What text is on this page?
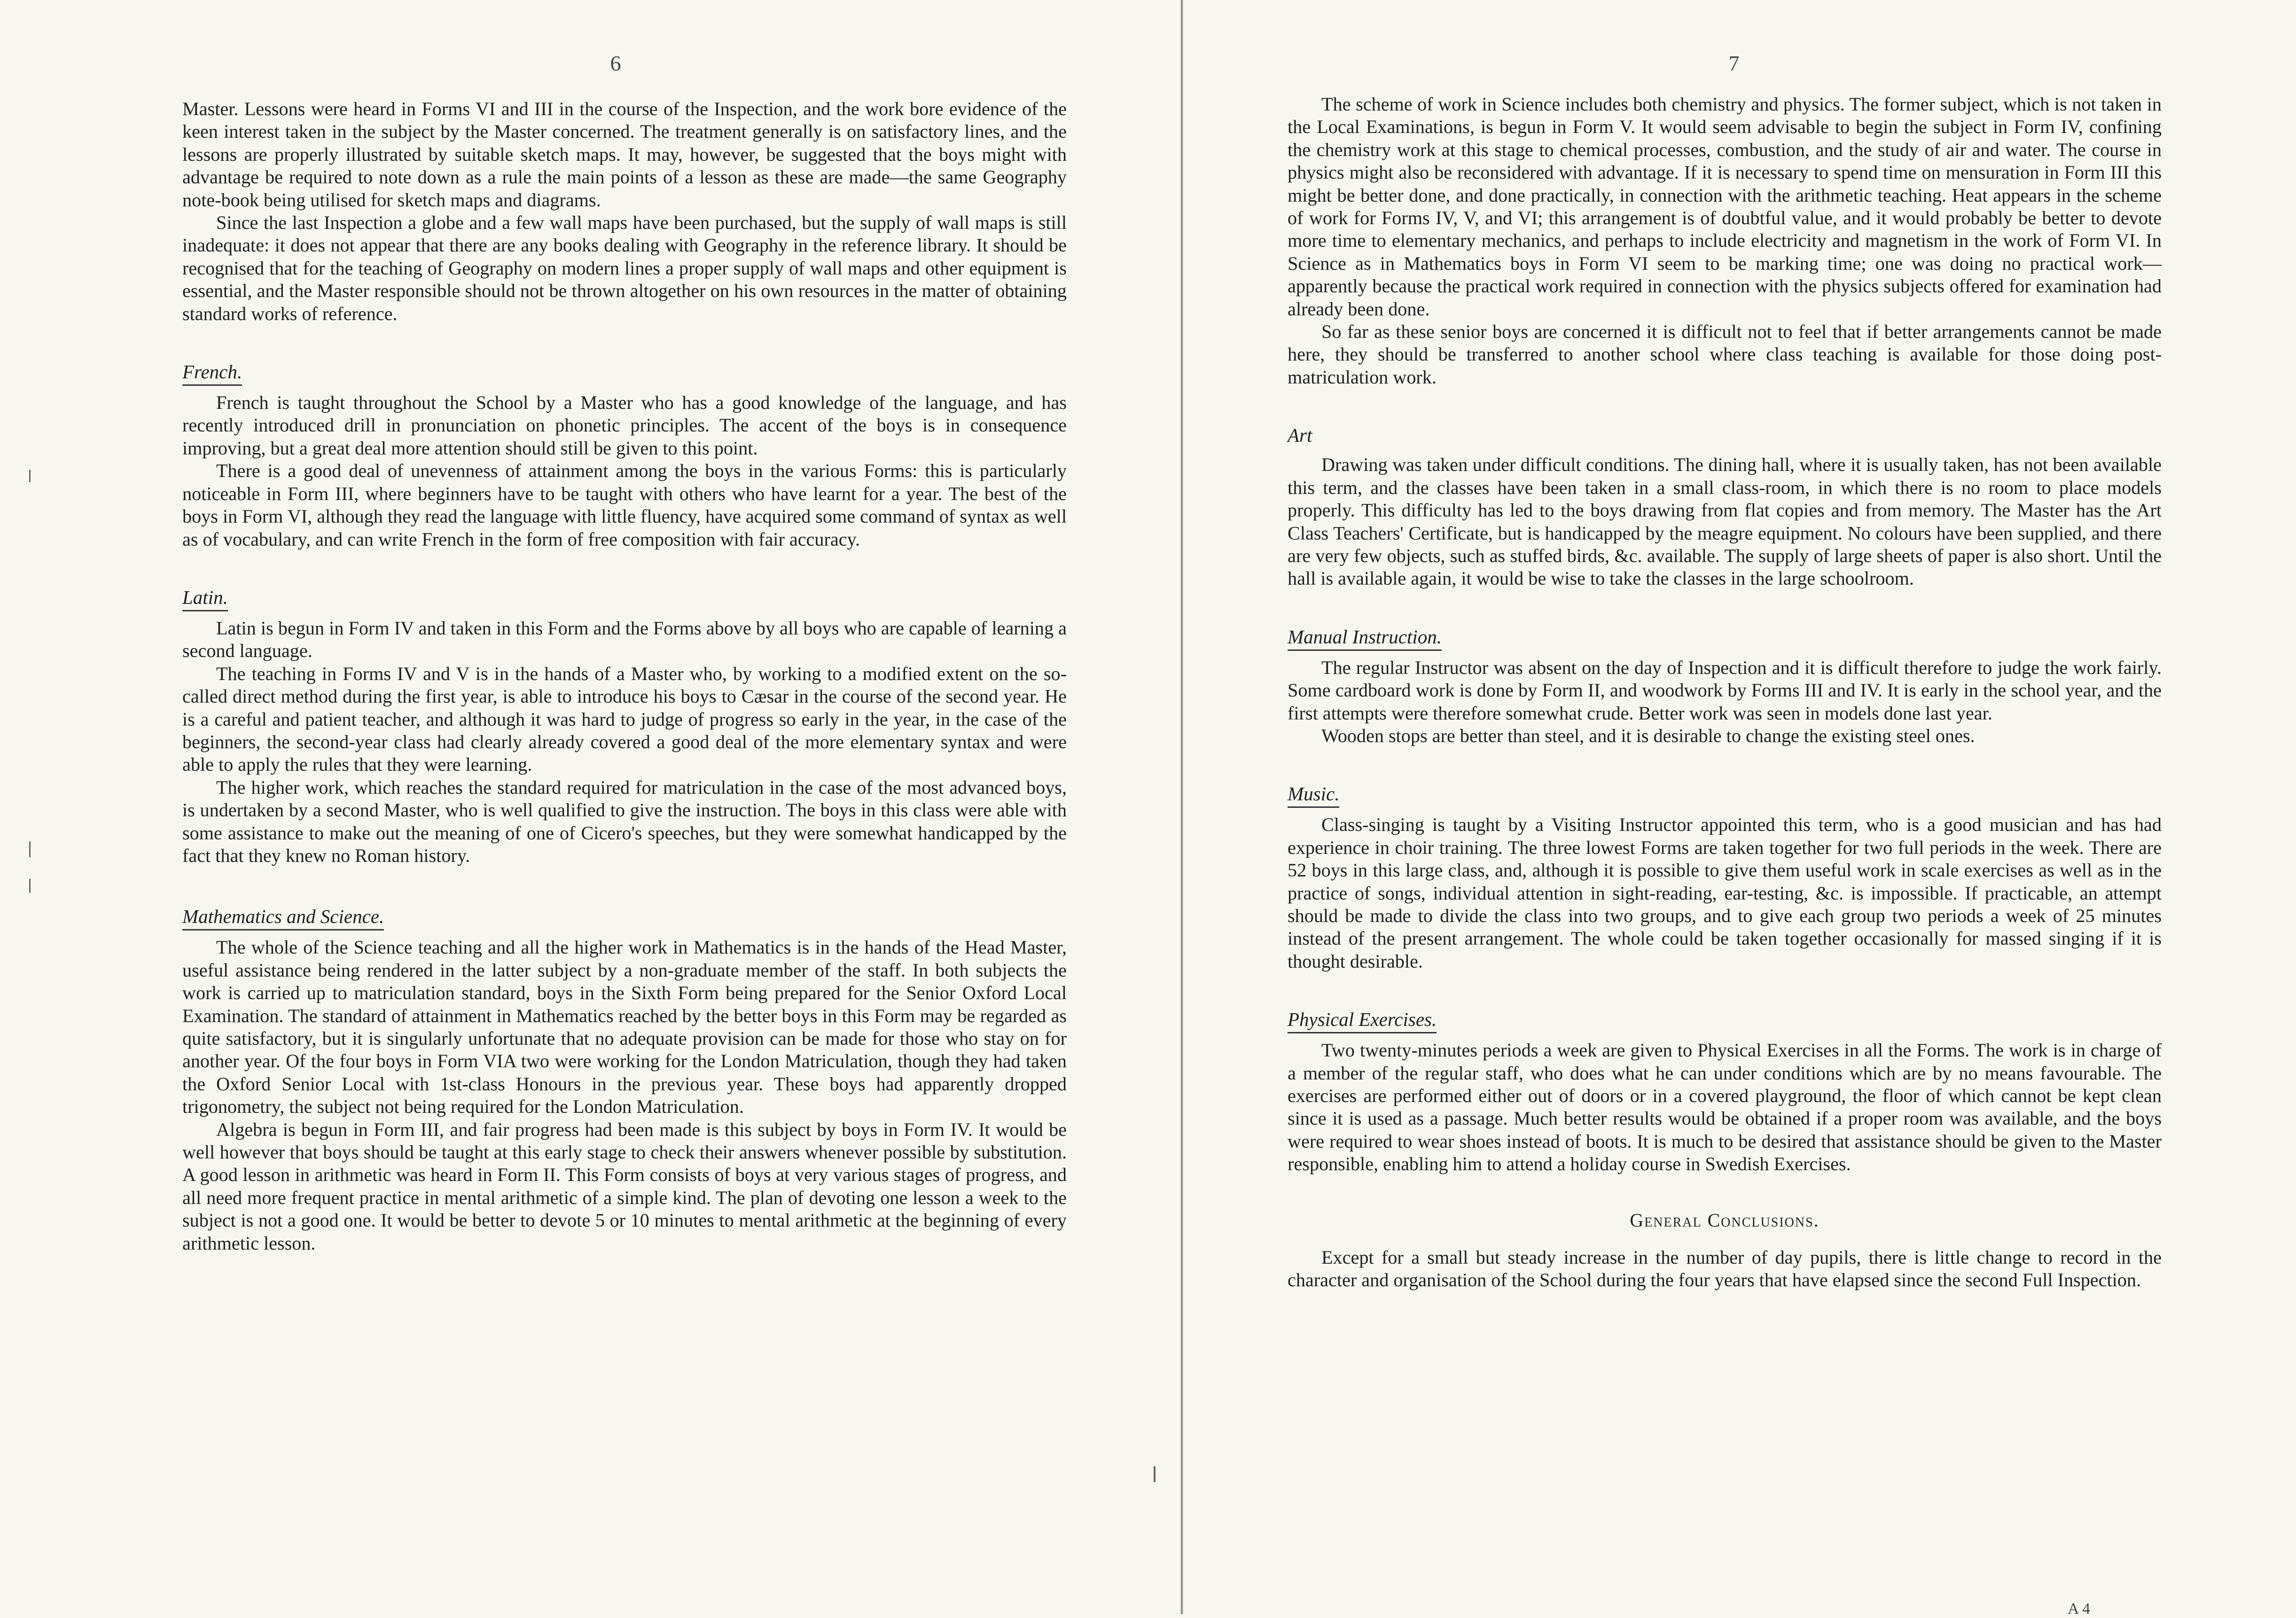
6

Master. Lessons were heard in Forms VI and III in the course of the Inspection, and the work bore evidence of the keen interest taken in the subject by the Master concerned. The treatment generally is on satisfactory lines, and the lessons are properly illustrated by suitable sketch maps. It may, however, be suggested that the boys might with advantage be required to note down as a rule the main points of a lesson as these are made—the same Geography note-book being utilised for sketch maps and diagrams.

Since the last Inspection a globe and a few wall maps have been purchased, but the supply of wall maps is still inadequate: it does not appear that there are any books dealing with Geography in the reference library. It should be recognised that for the teaching of Geography on modern lines a proper supply of wall maps and other equipment is essential, and the Master responsible should not be thrown altogether on his own resources in the matter of obtaining standard works of reference.

French.

French is taught throughout the School by a Master who has a good knowledge of the language, and has recently introduced drill in pronunciation on phonetic principles. The accent of the boys is in consequence improving, but a great deal more attention should still be given to this point.

There is a good deal of unevenness of attainment among the boys in the various Forms: this is particularly noticeable in Form III, where beginners have to be taught with others who have learnt for a year. The best of the boys in Form VI, although they read the language with little fluency, have acquired some command of syntax as well as of vocabulary, and can write French in the form of free composition with fair accuracy.

Latin.

Latin is begun in Form IV and taken in this Form and the Forms above by all boys who are capable of learning a second language.

The teaching in Forms IV and V is in the hands of a Master who, by working to a modified extent on the so-called direct method during the first year, is able to introduce his boys to Cæsar in the course of the second year. He is a careful and patient teacher, and although it was hard to judge of progress so early in the year, in the case of the beginners, the second-year class had clearly already covered a good deal of the more elementary syntax and were able to apply the rules that they were learning.

The higher work, which reaches the standard required for matriculation in the case of the most advanced boys, is undertaken by a second Master, who is well qualified to give the instruction. The boys in this class were able with some assistance to make out the meaning of one of Cicero's speeches, but they were somewhat handicapped by the fact that they knew no Roman history.

Mathematics and Science.

The whole of the Science teaching and all the higher work in Mathematics is in the hands of the Head Master, useful assistance being rendered in the latter subject by a non-graduate member of the staff. In both subjects the work is carried up to matriculation standard, boys in the Sixth Form being prepared for the Senior Oxford Local Examination. The standard of attainment in Mathematics reached by the better boys in this Form may be regarded as quite satisfactory, but it is singularly unfortunate that no adequate provision can be made for those who stay on for another year. Of the four boys in Form VIA two were working for the London Matriculation, though they had taken the Oxford Senior Local with 1st-class Honours in the previous year. These boys had apparently dropped trigonometry, the subject not being required for the London Matriculation.

Algebra is begun in Form III, and fair progress had been made is this subject by boys in Form IV. It would be well however that boys should be taught at this early stage to check their answers whenever possible by substitution. A good lesson in arithmetic was heard in Form II. This Form consists of boys at very various stages of progress, and all need more frequent practice in mental arithmetic of a simple kind. The plan of devoting one lesson a week to the subject is not a good one. It would be better to devote 5 or 10 minutes to mental arithmetic at the beginning of every arithmetic lesson.

7

The scheme of work in Science includes both chemistry and physics. The former subject, which is not taken in the Local Examinations, is begun in Form V. It would seem advisable to begin the subject in Form IV, confining the chemistry work at this stage to chemical processes, combustion, and the study of air and water. The course in physics might also be reconsidered with advantage. If it is necessary to spend time on mensuration in Form III this might be better done, and done practically, in connection with the arithmetic teaching. Heat appears in the scheme of work for Forms IV, V, and VI; this arrangement is of doubtful value, and it would probably be better to devote more time to elementary mechanics, and perhaps to include electricity and magnetism in the work of Form VI. In Science as in Mathematics boys in Form VI seem to be marking time; one was doing no practical work—apparently because the practical work required in connection with the physics subjects offered for examination had already been done.

So far as these senior boys are concerned it is difficult not to feel that if better arrangements cannot be made here, they should be transferred to another school where class teaching is available for those doing post-matriculation work.

Art

Drawing was taken under difficult conditions. The dining hall, where it is usually taken, has not been available this term, and the classes have been taken in a small class-room, in which there is no room to place models properly. This difficulty has led to the boys drawing from flat copies and from memory. The Master has the Art Class Teachers' Certificate, but is handicapped by the meagre equipment. No colours have been supplied, and there are very few objects, such as stuffed birds, &c. available. The supply of large sheets of paper is also short. Until the hall is available again, it would be wise to take the classes in the large schoolroom.

Manual Instruction.

The regular Instructor was absent on the day of Inspection and it is difficult therefore to judge the work fairly. Some cardboard work is done by Form II, and woodwork by Forms III and IV. It is early in the school year, and the first attempts were therefore somewhat crude. Better work was seen in models done last year.

Wooden stops are better than steel, and it is desirable to change the existing steel ones.

Music.

Class-singing is taught by a Visiting Instructor appointed this term, who is a good musician and has had experience in choir training. The three lowest Forms are taken together for two full periods in the week. There are 52 boys in this large class, and, although it is possible to give them useful work in scale exercises as well as in the practice of songs, individual attention in sight-reading, ear-testing, &c. is impossible. If practicable, an attempt should be made to divide the class into two groups, and to give each group two periods a week of 25 minutes instead of the present arrangement. The whole could be taken together occasionally for massed singing if it is thought desirable.

Physical Exercises.

Two twenty-minutes periods a week are given to Physical Exercises in all the Forms. The work is in charge of a member of the regular staff, who does what he can under conditions which are by no means favourable. The exercises are performed either out of doors or in a covered playground, the floor of which cannot be kept clean since it is used as a passage. Much better results would be obtained if a proper room was available, and the boys were required to wear shoes instead of boots. It is much to be desired that assistance should be given to the Master responsible, enabling him to attend a holiday course in Swedish Exercises.

General Conclusions.

Except for a small but steady increase in the number of day pupils, there is little change to record in the character and organisation of the School during the four years that have elapsed since the second Full Inspection.

A 4
